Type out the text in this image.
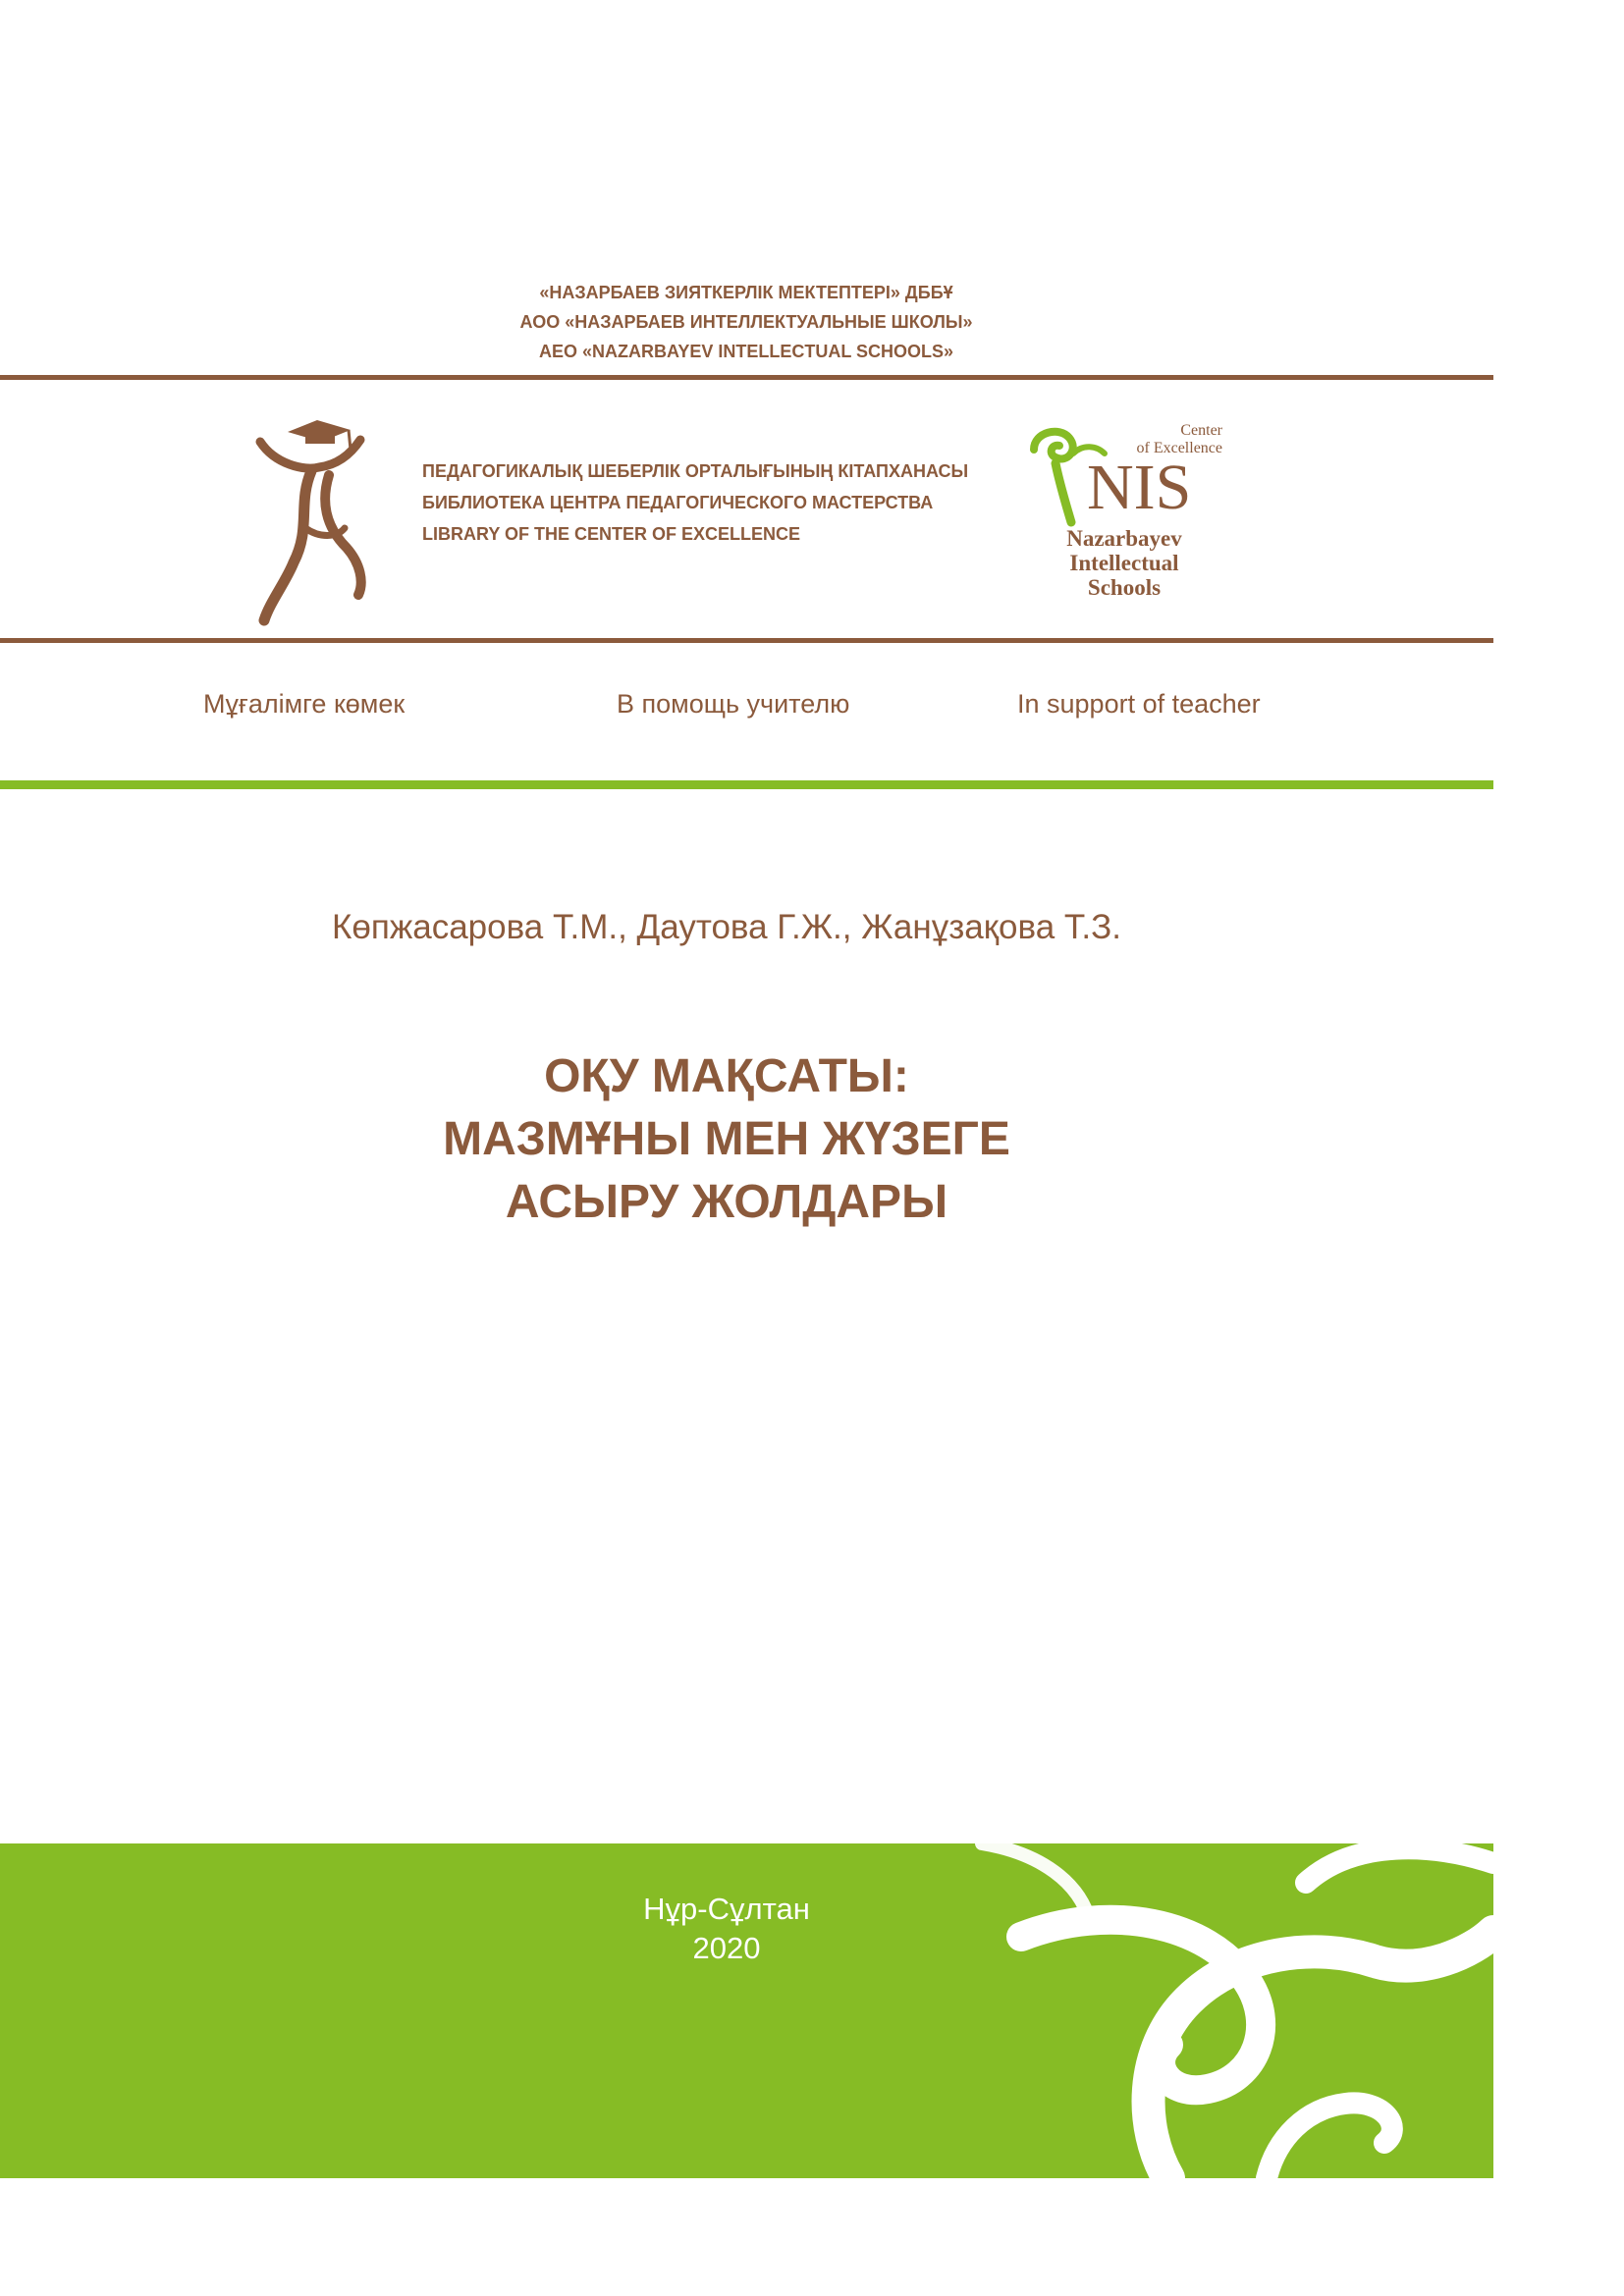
«НАЗАРБАЕВ ЗИЯТКЕРЛІК МЕКТЕПТЕРІ» ДББҰ
АОО «НАЗАРБАЕВ ИНТЕЛЛЕКТУАЛЬНЫЕ ШКОЛЫ»
АЕО «NAZARBAYEV INTELLECTUAL SCHOOLS»
ПЕДАГОГИКАЛЫҚ ШЕБЕРЛІК ОРТАЛЫҒЫНЫҢ КІТАПХАНАСЫ
БИБЛИОТЕКА ЦЕНТРА ПЕДАГОГИЧЕСКОГО МАСТЕРСТВА
LIBRARY OF THE CENTER OF EXCELLENCE
Center
of Excellence
NIS
Nazarbayev
Intellectual
Schools
Мұғалімге көмек	В помощь учителю	In support of teacher
Көпжасарова Т.М., Даутова Г.Ж., Жанұзақова Т.З.
ОҚУ МАҚСАТЫ:
МАЗМҰНЫ МЕН ЖҮЗЕГЕ
АСЫРУ ЖОЛДАРЫ
Нұр-Сұлтан
2020
